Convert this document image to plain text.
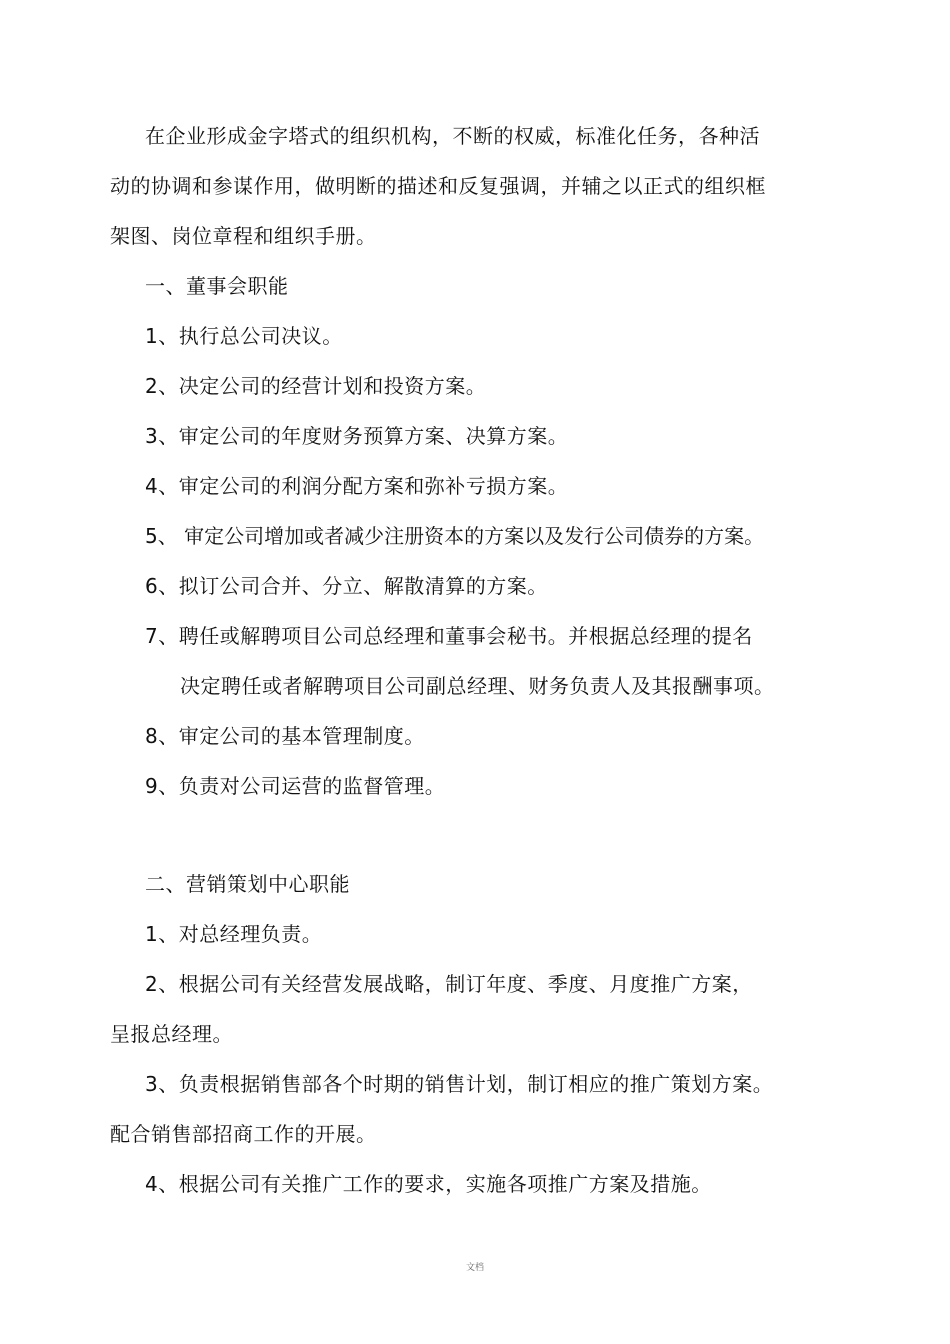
在企业形成金字塔式的组织机构，不断的权威，标准化任务，各种活
动的协调和参谋作用，做明断的描述和反复强调，并辅之以正式的组织框
架图、岗位章程和组织手册。
一、董事会职能
1、执行总公司决议。
2、决定公司的经营计划和投资方案。
3、审定公司的年度财务预算方案、决算方案。
4、审定公司的利润分配方案和弥补亏损方案。
5、 审定公司增加或者减少注册资本的方案以及发行公司债券的方案。
6、拟订公司合并、分立、解散清算的方案。
7、聘任或解聘项目公司总经理和董事会秘书。并根据总经理的提名
决定聘任或者解聘项目公司副总经理、财务负责人及其报酬事项。
8、审定公司的基本管理制度。
9、负责对公司运营的监督管理。
二、营销策划中心职能
1、对总经理负责。
2、根据公司有关经营发展战略，制订年度、季度、月度推广方案，
呈报总经理。
3、负责根据销售部各个时期的销售计划，制订相应的推广策划方案。
配合销售部招商工作的开展。
4、根据公司有关推广工作的要求，实施各项推广方案及措施。
文档
